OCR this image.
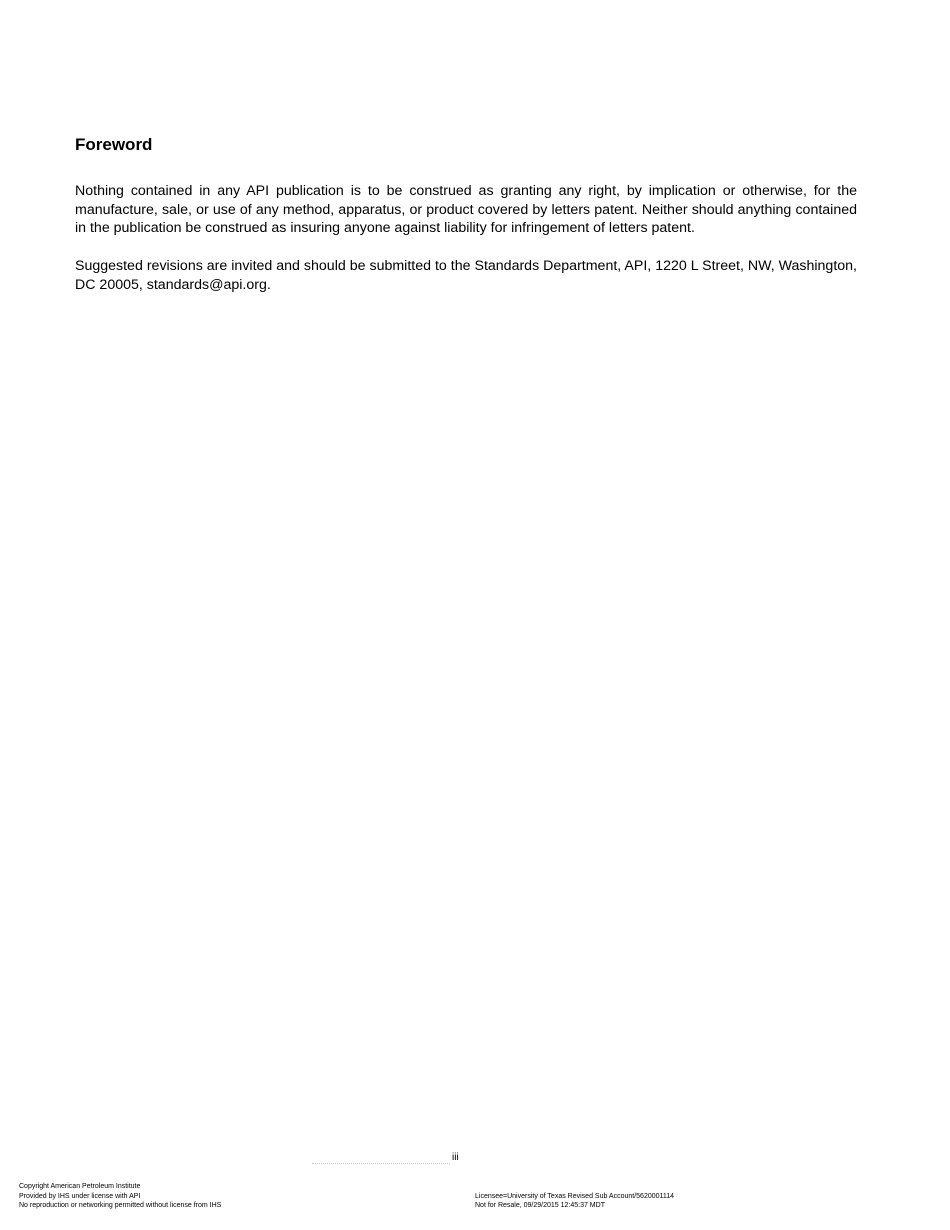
Foreword

Nothing contained in any API publication is to be construed as granting any right, by implication or otherwise, for the manufacture, sale, or use of any method, apparatus, or product covered by letters patent. Neither should anything contained in the publication be construed as insuring anyone against liability for infringement of letters patent.

Suggested revisions are invited and should be submitted to the Standards Department, API, 1220 L Street, NW, Washington, DC 20005, standards@api.org.

iii
Copyright American Petroleum Institute
Provided by IHS under license with API
No reproduction or networking permitted without license from IHS
Licensee=University of Texas Revised Sub Account/5620001114
Not for Resale, 09/29/2015 12:45:37 MDT
